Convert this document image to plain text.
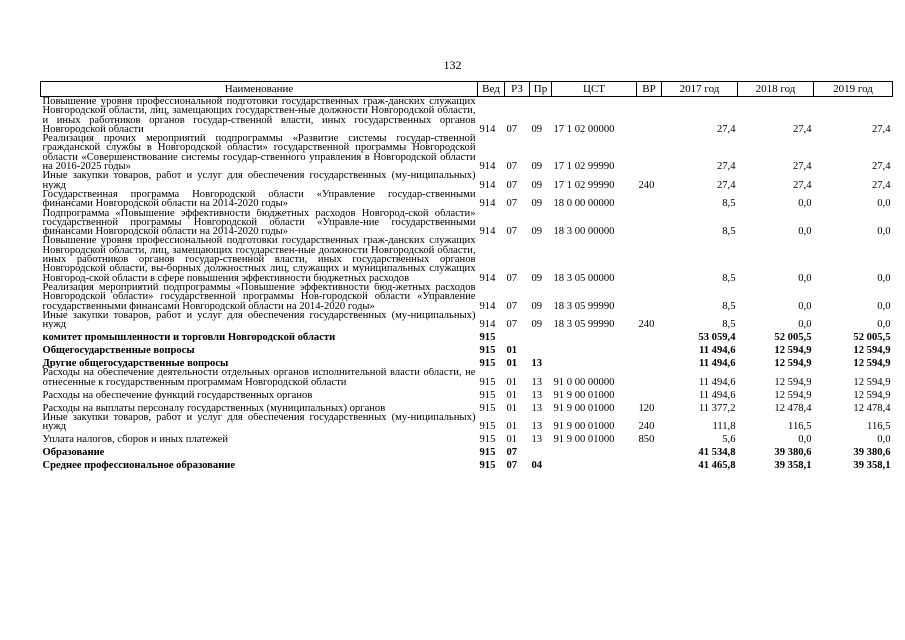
132
Наименование	Вед	РЗ	Пр	ЦСТ	ВР	2017 год	2018 год	2019 год
Повышение уровня профессиональной подготовки государственных граж-данских служащих Новгородской области, лиц, замещающих государствен-ные должности Новгородской области, и иных работников органов государ-ственной власти, иных государственных органов Новгородской области	914	07	09	17 1 02 00000		27,4	27,4	27,4
Реализация прочих мероприятий подпрограммы «Развитие системы государ-ственной гражданской службы в Новгородской области» государственной программы Новгородской области «Совершенствование системы государ-ственного управления в Новгородской области на 2016-2025 годы»	914	07	09	17 1 02 99990		27,4	27,4	27,4
Иные закупки товаров, работ и услуг для обеспечения государственных (му-ниципальных) нужд	914	07	09	17 1 02 99990	240	27,4	27,4	27,4
Государственная программа Новгородской области «Управление государ-ственными финансами Новгородской области на 2014-2020 годы»	914	07	09	18 0 00 00000		8,5	0,0	0,0
Подпрограмма «Повышение эффективности бюджетных расходов Новгород-ской области» государственной программы Новгородской области «Управле-ние государственными финансами Новгородской области на 2014-2020 годы»	914	07	09	18 3 00 00000		8,5	0,0	0,0
Повышение уровня профессиональной подготовки государственных граж-данских служащих Новгородской области, лиц, замещающих государствен-ные должности Новгородской области, иных работников органов государ-ственной власти, иных государственных органов Новгородской области, вы-борных должностных лиц, служащих и муниципальных служащих Новгород-ской области в сфере повышения эффективности бюджетных расходов	914	07	09	18 3 05 00000		8,5	0,0	0,0
Реализация мероприятий подпрограммы «Повышение эффективности бюд-жетных расходов Новгородской области» государственной программы Нов-городской области «Управление государственными финансами Новгородской области на 2014-2020 годы»	914	07	09	18 3 05 99990		8,5	0,0	0,0
Иные закупки товаров, работ и услуг для обеспечения государственных (му-ниципальных) нужд	914	07	09	18 3 05 99990	240	8,5	0,0	0,0
комитет промышленности и торговли Новгородской области	915					53 059,4	52 005,5	52 005,5
Общегосударственные вопросы	915	01				11 494,6	12 594,9	12 594,9
Другие общегосударственные вопросы	915	01	13			11 494,6	12 594,9	12 594,9
Расходы на обеспечение деятельности отдельных органов исполнительной власти области, не отнесенные к государственным программам Новгородской области	915	01	13	91 0 00 00000		11 494,6	12 594,9	12 594,9
Расходы на обеспечение функций государственных органов	915	01	13	91 9 00 01000		11 494,6	12 594,9	12 594,9
Расходы на выплаты персоналу государственных (муниципальных) органов	915	01	13	91 9 00 01000	120	11 377,2	12 478,4	12 478,4
Иные закупки товаров, работ и услуг для обеспечения государственных (му-ниципальных) нужд	915	01	13	91 9 00 01000	240	111,8	116,5	116,5
Уплата налогов, сборов и иных платежей	915	01	13	91 9 00 01000	850	5,6	0,0	0,0
Образование	915	07				41 534,8	39 380,6	39 380,6
Среднее профессиональное образование	915	07	04			41 465,8	39 358,1	39 358,1
